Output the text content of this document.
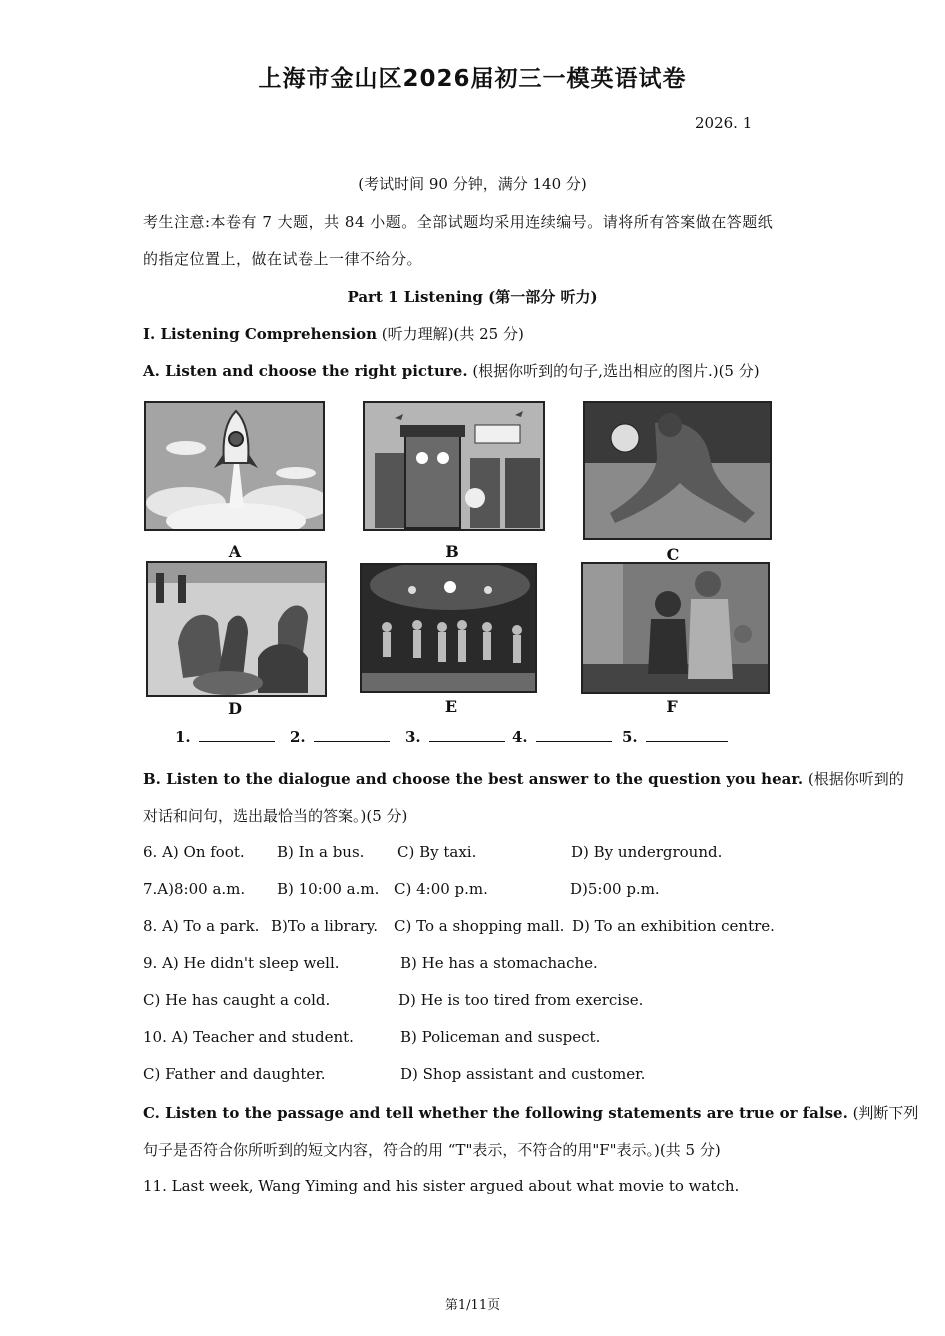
上海市金山区2026届初三一模英语试卷
2026. 1
(考试时间 90 分钟，满分 140 分)
考生注意:本卷有 7 大题，共 84 小题。全部试题均采用连续编号。请将所有答案做在答题纸
的指定位置上，做在试卷上一律不给分。
Part 1 Listening (第一部分 听力)
I. Listening Comprehension (听力理解)(共 25 分)
A. Listen and choose the right picture. (根据你听到的句子,选出相应的图片.)(5 分)
A	B	C
D	E	F
1.	2.	3.	4.	5.
B. Listen to the dialogue and choose the best answer to the question you hear. (根据你听到的
对话和问句，选出最恰当的答案。)(5 分)
6. A) On foot. B) In a bus. C) By taxi.	D) By underground.
7.A)8:00 a.m. B) 10:00 a.m. C) 4:00 p.m.	D)5:00 p.m.
8. A) To a park. B)To a library. C) To a shopping mall. D) To an exhibition centre.
9. A) He didn't sleep well.	B) He has a stomachache.
C) He has caught a cold.	D) He is too tired from exercise.
10. A) Teacher and student.	B) Policeman and suspect.
C) Father and daughter.	D) Shop assistant and customer.
C. Listen to the passage and tell whether the following statements are true or false. (判断下列
句子是否符合你所听到的短文内容，符合的用 “T"表示，不符合的用"F"表示。)(共 5 分)
11. Last week, Wang Yiming and his sister argued about what movie to watch.
第1/11页
